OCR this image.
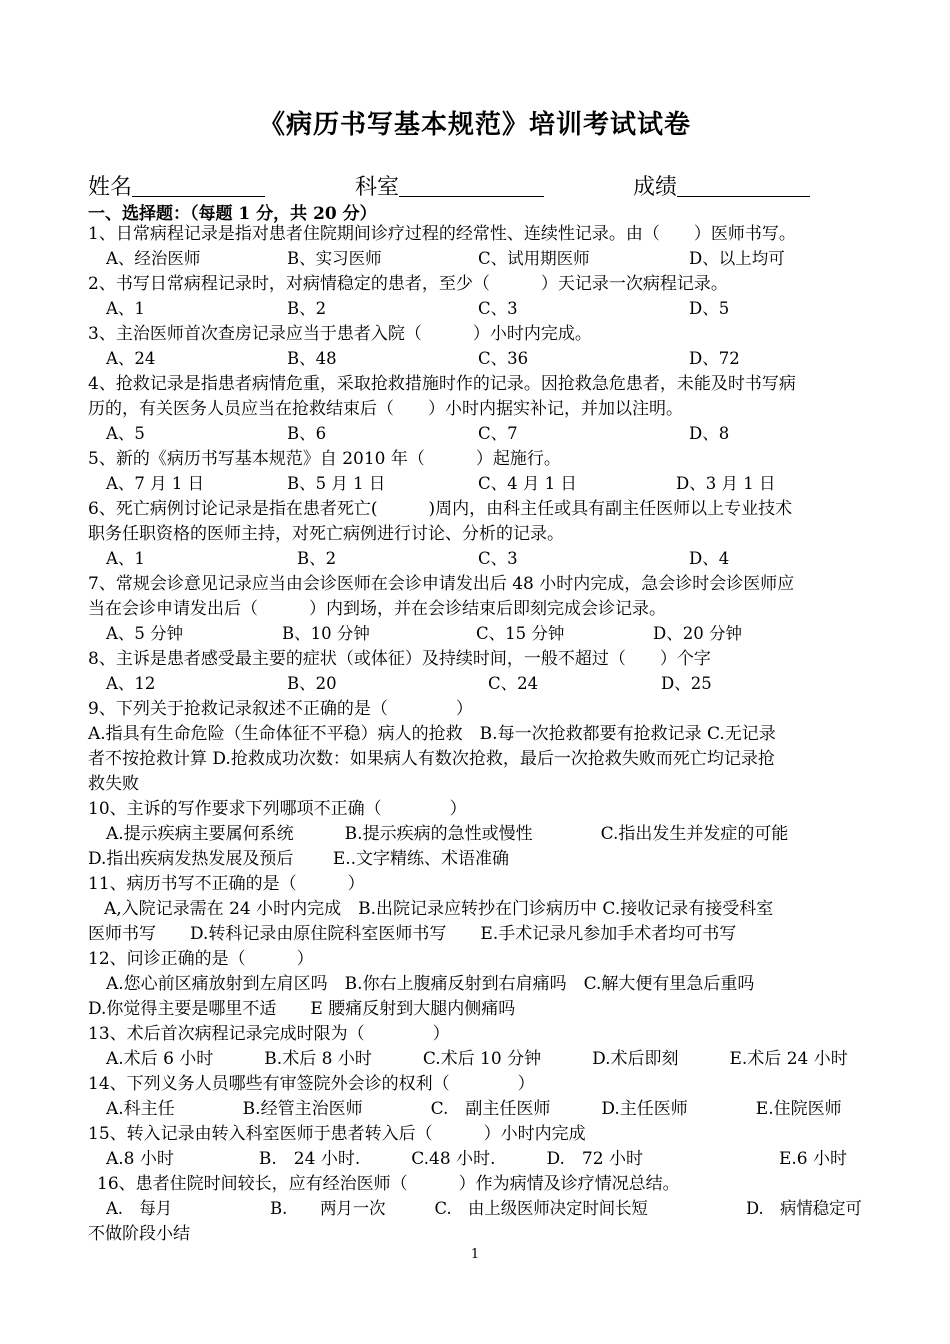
《病历书写基本规范》培训考试试卷
姓名	科室	成绩
一、选择题：（每题 1 分，共 20 分）
1、日常病程记录是指对患者住院期间诊疗过程的经常性、连续性记录。由（　　）医师书写。
A、经治医师	B、实习医师	C、试用期医师	D、以上均可
2、书写日常病程记录时，对病情稳定的患者，至少（　　　）天记录一次病程记录。
A、1	B、2	C、3	D、5
3、主治医师首次查房记录应当于患者入院（　　　）小时内完成。
A、24	B、48	C、36	D、72
4、抢救记录是指患者病情危重，采取抢救措施时作的记录。因抢救急危患者，未能及时书写病
历的，有关医务人员应当在抢救结束后（　　）小时内据实补记，并加以注明。
A、5	B、6	C、7	D、8
5、新的《病历书写基本规范》自 2010 年（　　　）起施行。
A、7 月 1 日	B、5 月 1 日	C、4 月 1 日	D、3 月 1 日
6、死亡病例讨论记录是指在患者死亡(　　　)周内，由科主任或具有副主任医师以上专业技术
职务任职资格的医师主持，对死亡病例进行讨论、分析的记录。
A、1	B、2	C、3	D、4
7、常规会诊意见记录应当由会诊医师在会诊申请发出后 48 小时内完成，急会诊时会诊医师应
当在会诊申请发出后（　　　）内到场，并在会诊结束后即刻完成会诊记录。
A、5 分钟	B、10 分钟	C、15 分钟	D、20 分钟
8、主诉是患者感受最主要的症状（或体征）及持续时间，一般不超过（　　）个字
A、12	B、20	C、24	D、25
9、下列关于抢救记录叙述不正确的是（　　　　）
A.指具有生命危险（生命体征不平稳）病人的抢救　B.每一次抢救都要有抢救记录 C.无记录
者不按抢救计算 D.抢救成功次数：如果病人有数次抢救，最后一次抢救失败而死亡均记录抢
救失败
10、主诉的写作要求下列哪项不正确（　　　　）
A.提示疾病主要属何系统　　　B.提示疾病的急性或慢性　　　　C.指出发生并发症的可能
D.指出疾病发热发展及预后　　 E..文字精练、术语准确
11、病历书写不正确的是（　　　）
A,入院记录需在 24 小时内完成　B.出院记录应转抄在门诊病历中 C.接收记录有接受科室
医师书写　　D.转科记录由原住院科室医师书写　　E.手术记录凡参加手术者均可书写
12、问诊正确的是（　　　）
A.您心前区痛放射到左肩区吗　B.你右上腹痛反射到右肩痛吗　C.解大便有里急后重吗
D.你觉得主要是哪里不适　　E 腰痛反射到大腿内侧痛吗
13、术后首次病程记录完成时限为（　　　　）
A.术后 6 小时　　　B.术后 8 小时　　　C.术后 10 分钟　　　D.术后即刻　　　E.术后 24 小时
14、下列义务人员哪些有审签院外会诊的权利（　　　　）
A.科主任　　　　B.经管主治医师　　　　C.　副主任医师　　　D.主任医师　　　　E.住院医师
15、转入记录由转入科室医师于患者转入后（　　　）小时内完成
A.8 小时　　　　　B.　24 小时.　　　C.48 小时.　　　D.　72 小时　　　　　　　　E.6 小时
16、患者住院时间较长，应有经治医师（　　　）作为病情及诊疗情况总结。
A.　每月　　　　　　B.　　两月一次　　　C.　由上级医师决定时间长短　　　　　　D.　病情稳定可
不做阶段小结
1
